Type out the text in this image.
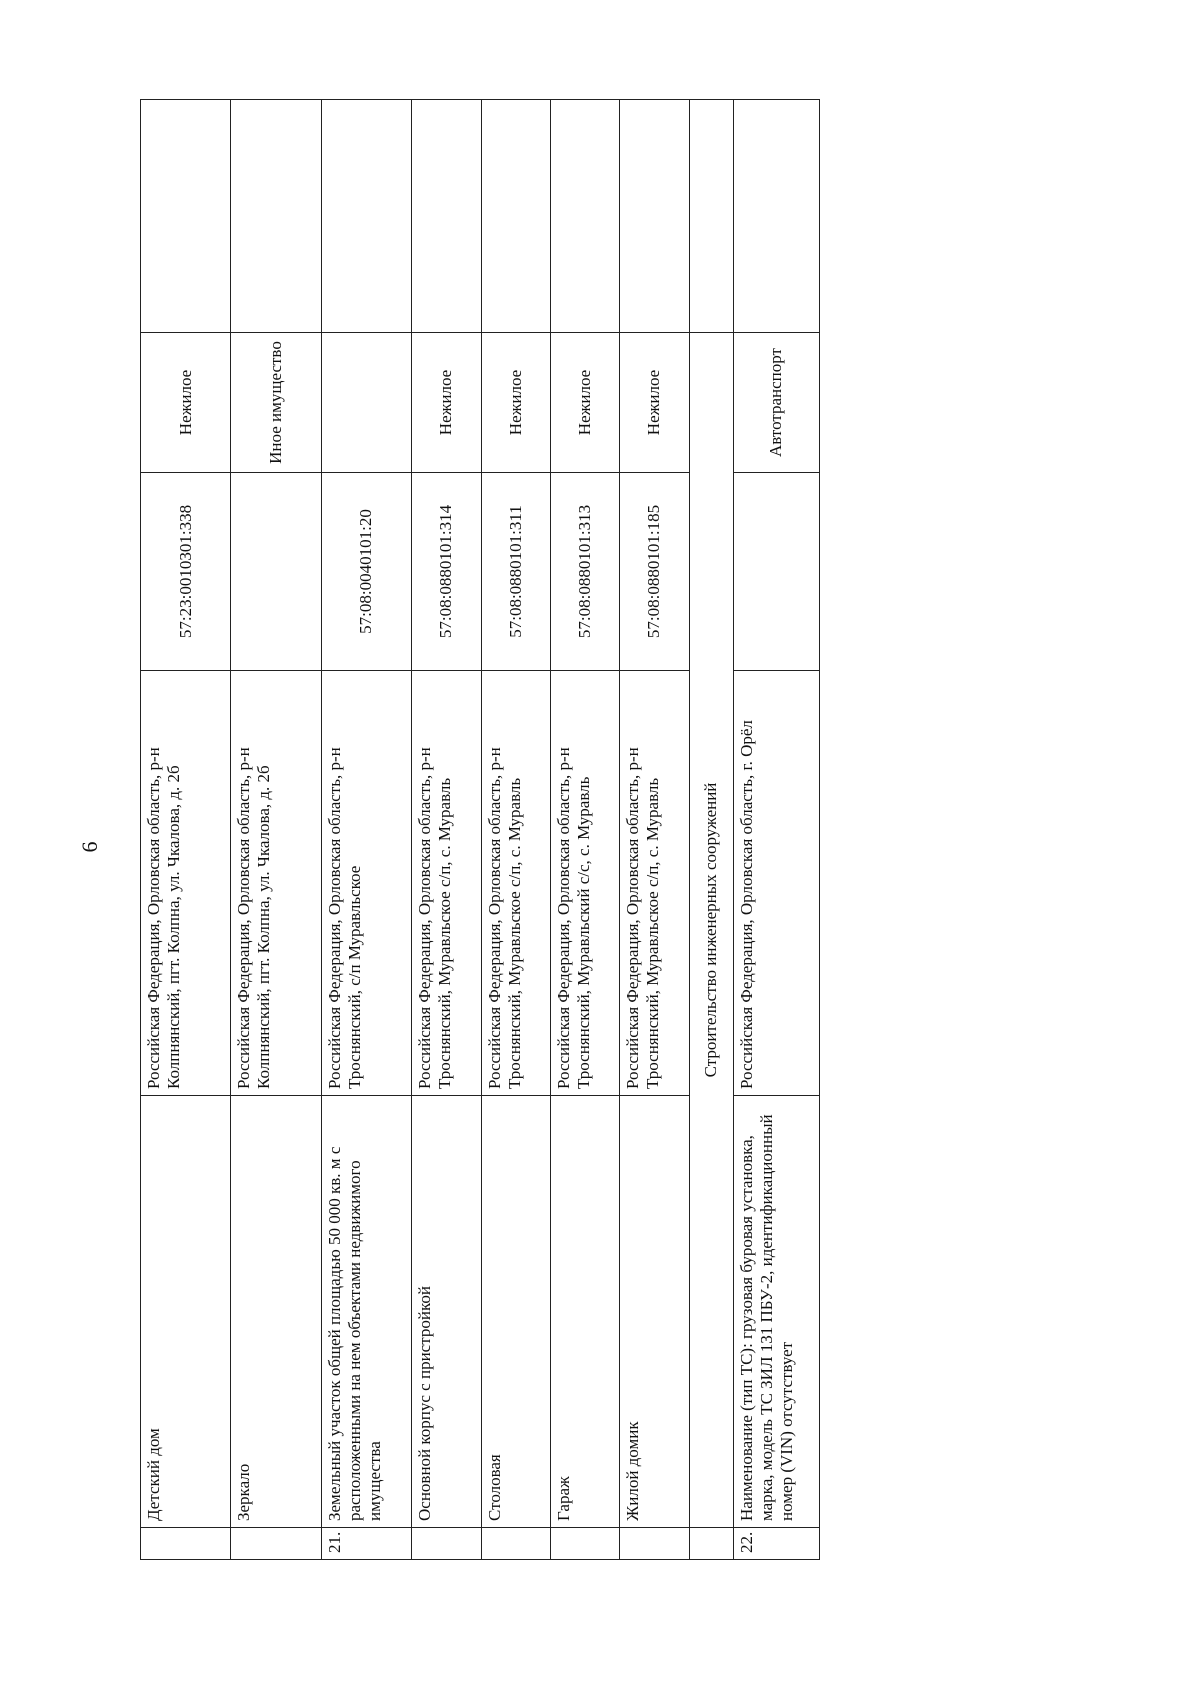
6
	Детский дом	Российская Федерация, Орловская область, р-н Колпнянский, пгт. Колпна, ул. Чкалова, д. 2б	57:23:0010301:338	Нежилое	
	Зеркало	Российская Федерация, Орловская область, р-н Колпнянский, пгт. Колпна, ул. Чкалова, д. 2б		Иное имущество	
21.	Земельный участок общей площадью 50 000 кв. м с расположенными на нем объектами недвижимого имущества	Российская Федерация, Орловская область, р-н Троснянский, с/п Муравльское	57:08:0040101:20		
	Основной корпус с пристройкой	Российская Федерация, Орловская область, р-н Троснянский, Муравльское с/п, с. Муравль	57:08:0880101:314	Нежилое	
	Столовая	Российская Федерация, Орловская область, р-н Троснянский, Муравльское с/п, с. Муравль	57:08:0880101:311	Нежилое	
	Гараж	Российская Федерация, Орловская область, р-н Троснянский, Муравльский с/с, с. Муравль	57:08:0880101:313	Нежилое	
	Жилой домик	Российская Федерация, Орловская область, р-н Троснянский, Муравльское с/п, с. Муравль	57:08:0880101:185	Нежилое	
	Строительство инженерных сооружений				
22.	Наименование (тип ТС): грузовая буровая установка, марка, модель ТС ЗИЛ 131 ПБУ-2, идентификационный номер (VIN) отсутствует	Российская Федерация, Орловская область, г. Орёл		Автотранспорт	
